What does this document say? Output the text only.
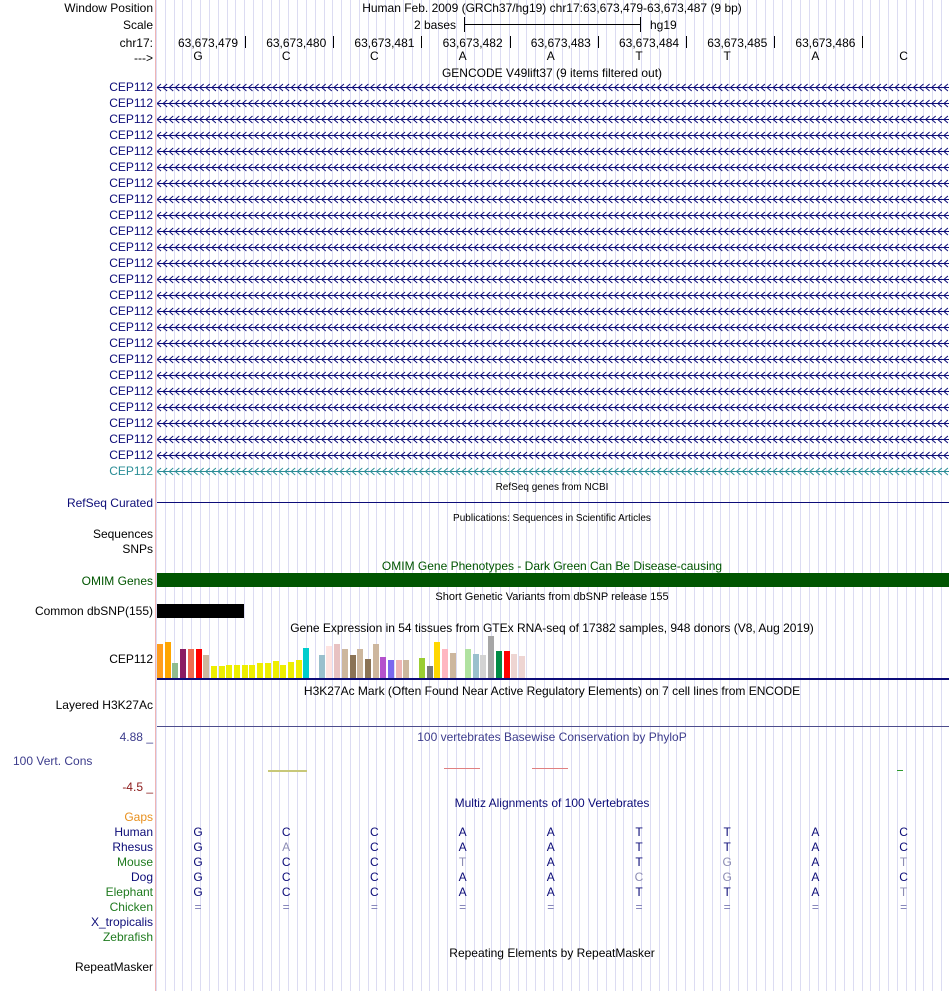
Window Position	Human Feb. 2009 (GRCh37/hg19) chr17:63,673,479-63,673,487 (9 bp)
Scale	2 bases	hg19
chr17:
--->
GENCODE V49lift37 (9 items filtered out)
RefSeq genes from NCBI
RefSeq Curated
Publications: Sequences in Scientific Articles
Sequences
SNPs
OMIM Gene Phenotypes - Dark Green Can Be Disease-causing
OMIM Genes
Short Genetic Variants from dbSNP release 155
Common dbSNP(155)
Gene Expression in 54 tissues from GTEx RNA-seq of 17382 samples, 948 donors (V8, Aug 2019)
CEP112
H3K27Ac Mark (Often Found Near Active Regulatory Elements) on 7 cell lines from ENCODE
Layered H3K27Ac
100 vertebrates Basewise Conservation by PhyloP
4.88 _
100 Vert. Cons
-4.5 _
Multiz Alignments of 100 Vertebrates
Gaps
Repeating Elements by RepeatMasker
RepeatMasker
63,673,479 63,673,480 63,673,481 63,673,482 63,673,483 63,673,484 63,673,485 63,673,486
G	C	C	A	A	T	T	A	C
CEP112
CEP112
CEP112
CEP112
CEP112
CEP112
CEP112
CEP112
CEP112
CEP112
CEP112
CEP112
CEP112
CEP112
CEP112
CEP112
CEP112
CEP112
CEP112
CEP112
CEP112
CEP112
CEP112
CEP112
CEP112
Human	G	C	C	A	A	T	T	A	C
Rhesus	G	A	C	A	A	T	T	A	C
Mouse	G	C	C	T	A	T	G	A	T
Dog	G	C	C	A	A	C	G	A	C
Elephant	G	C	C	A	A	T	T	A	T
Chicken	=	=	=	=	=	=	=	=	=
X_tropicalis
Zebrafish
